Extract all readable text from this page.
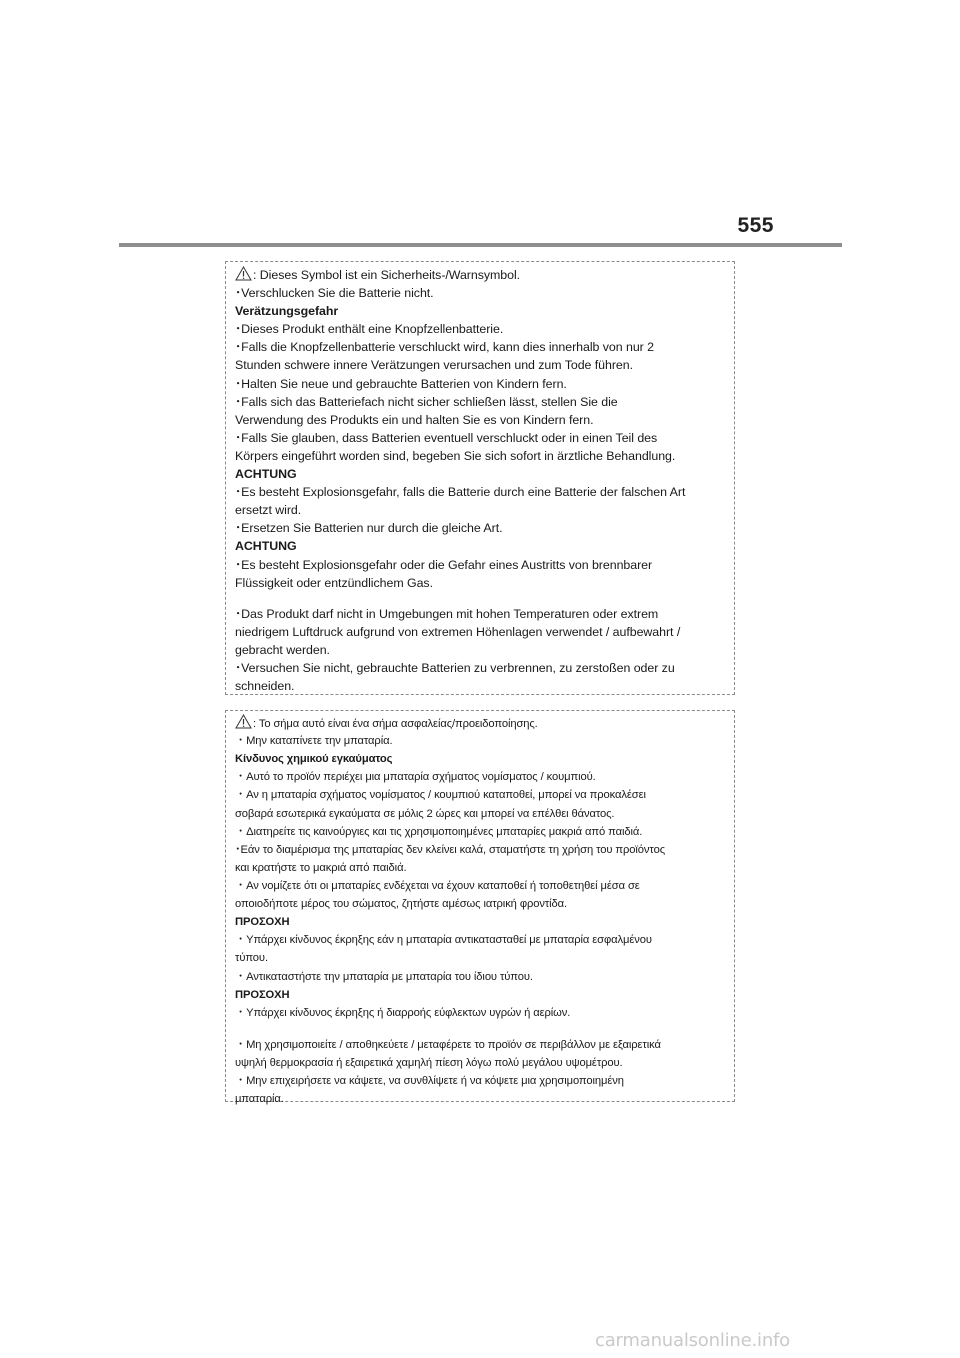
555
: Dieses Symbol ist ein Sicherheits-/Warnsymbol.
･Verschlucken Sie die Batterie nicht.
Verätzungsgefahr
･Dieses Produkt enthält eine Knopfzellenbatterie.
･Falls die Knopfzellenbatterie verschluckt wird, kann dies innerhalb von nur 2
Stunden schwere innere Verätzungen verursachen und zum Tode führen.
･Halten Sie neue und gebrauchte Batterien von Kindern fern.
･Falls sich das Batteriefach nicht sicher schließen lässt, stellen Sie die
Verwendung des Produkts ein und halten Sie es von Kindern fern.
･Falls Sie glauben, dass Batterien eventuell verschluckt oder in einen Teil des
Körpers eingeführt worden sind, begeben Sie sich sofort in ärztliche Behandlung.
ACHTUNG
･Es besteht Explosionsgefahr, falls die Batterie durch eine Batterie der falschen Art
ersetzt wird.
･Ersetzen Sie Batterien nur durch die gleiche Art.
ACHTUNG
･Es besteht Explosionsgefahr oder die Gefahr eines Austritts von brennbarer
Flüssigkeit oder entzündlichem Gas.
･Das Produkt darf nicht in Umgebungen mit hohen Temperaturen oder extrem
niedrigem Luftdruck aufgrund von extremen Höhenlagen verwendet / aufbewahrt /
gebracht werden.
･Versuchen Sie nicht, gebrauchte Batterien zu verbrennen, zu zerstoßen oder zu
schneiden.
: Το σήμα αυτό είναι ένα σήμα ασφαλείας/προειδοποίησης.
・Μην καταπίνετε την μπαταρία.
Κίνδυνος χημικού εγκαύματος
・Αυτό το προϊόν περιέχει μια μπαταρία σχήματος νομίσματος / κουμπιού.
・Αν η μπαταρία σχήματος νομίσματος / κουμπιού καταποθεί, μπορεί να προκαλέσει
σοβαρά εσωτερικά εγκαύματα σε μόλις 2 ώρες και μπορεί να επέλθει θάνατος.
・Διατηρείτε τις καινούργιες και τις χρησιμοποιημένες μπαταρίες μακριά από παιδιά.
･Εάν το διαμέρισμα της μπαταρίας δεν κλείνει καλά, σταματήστε τη χρήση του προϊόντος
και κρατήστε το μακριά από παιδιά.
・Αν νομίζετε ότι οι μπαταρίες ενδέχεται να έχουν καταποθεί ή τοποθετηθεί μέσα σε
οποιοδήποτε μέρος του σώματος, ζητήστε αμέσως ιατρική φροντίδα.
ΠΡΟΣΟΧΗ
・Υπάρχει κίνδυνος έκρηξης εάν η μπαταρία αντικατασταθεί με μπαταρία εσφαλμένου
τύπου.
・Αντικαταστήστε την μπαταρία με μπαταρία του ίδιου τύπου.
ΠΡΟΣΟΧΗ
・Υπάρχει κίνδυνος έκρηξης ή διαρροής εύφλεκτων υγρών ή αερίων.
・Μη χρησιμοποιείτε / αποθηκεύετε / μεταφέρετε το προϊόν σε περιβάλλον με εξαιρετικά
υψηλή θερμοκρασία ή εξαιρετικά χαμηλή πίεση λόγω πολύ μεγάλου υψομέτρου.
・Μην επιχειρήσετε να κάψετε, να συνθλίψετε ή να κόψετε μια χρησιμοποιημένη
μπαταρία.
carmanualsonline.info
